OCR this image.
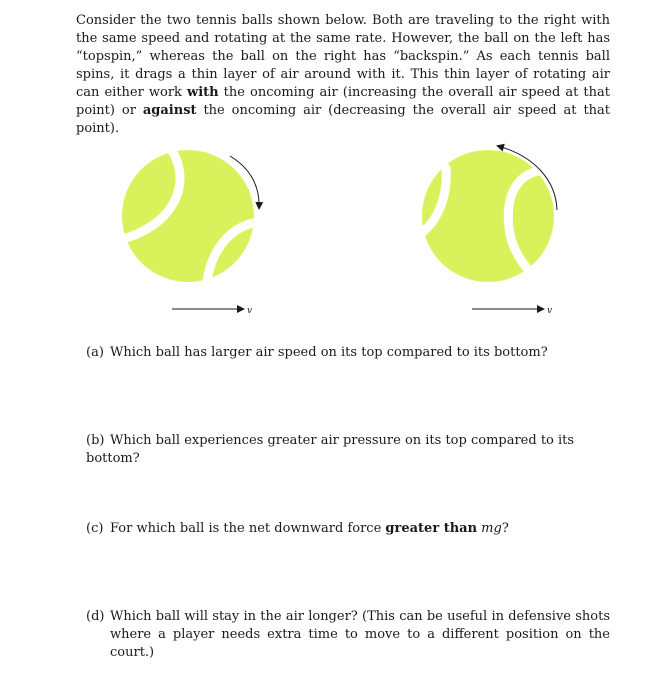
Consider the two tennis balls shown below. Both are traveling to the right with the same speed and rotating at the same rate. However, the ball on the left has “topspin,” whereas the ball on the right has “backspin.” As each tennis ball spins, it drags a thin layer of air around with it. This thin layer of rotating air can either work with the oncoming air (increasing the overall air speed at that point) or against the oncoming air (decreasing the overall air speed at that point).

v	v

(a) Which ball has larger air speed on its top compared to its bottom?

(b) Which ball experiences greater air pressure on its top compared to its bottom?

(c) For which ball is the net downward force greater than mg?

(d) Which ball will stay in the air longer? (This can be useful in defensive shots where a player needs extra time to move to a different position on the court.)
